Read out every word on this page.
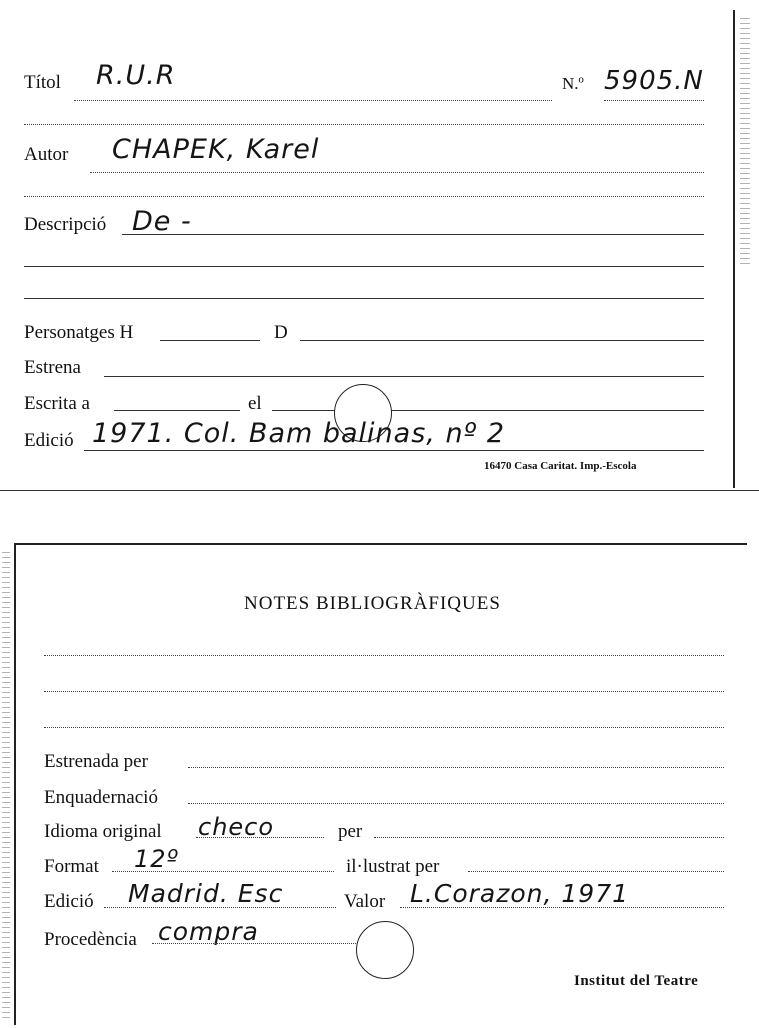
Títol R.U.R	N.º 5905.N
Autor CHAPEK, Karel
Descripció De -
Personatges H	D
Estrena
Escrita a	el
Edició 1971. Col. Bam balinas, nº 2
16470 Casa Caritat. Imp.-Escola
NOTES BIBLIOGRÀFIQUES
Estrenada per
Enquadernació
Idioma original checo	per
Format 12º	il·lustrat per
Edició Madrid. Esc	Valor L.Corazon, 1971
Procedència compra
Institut del Teatre
